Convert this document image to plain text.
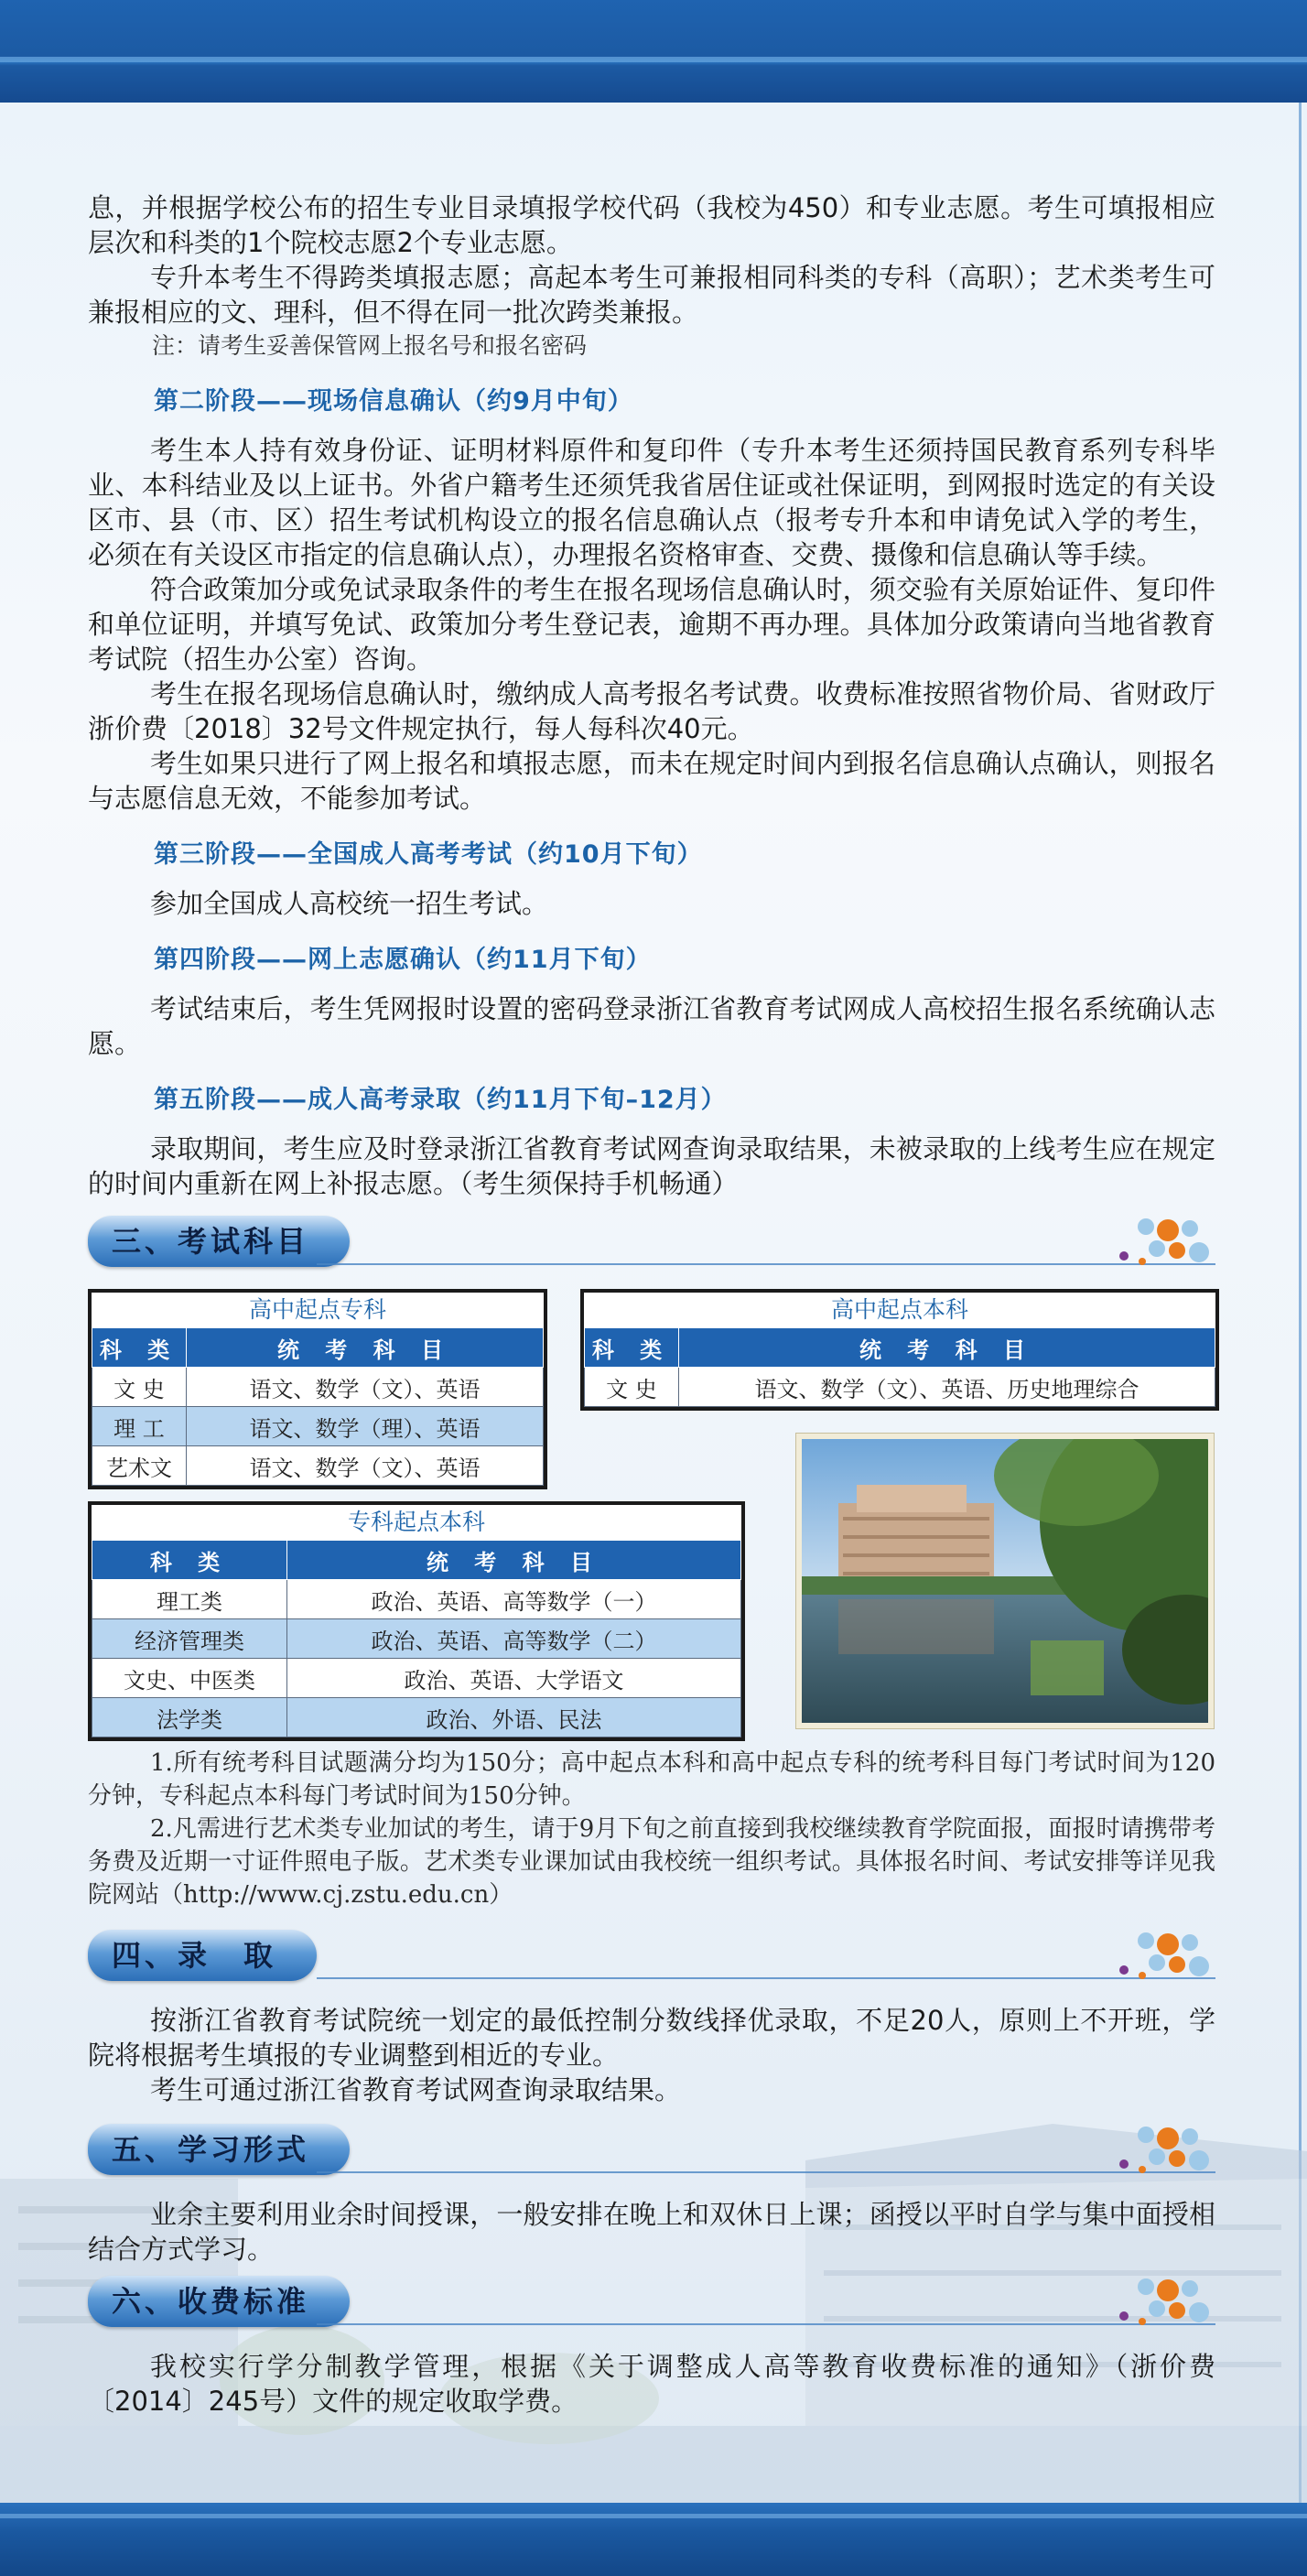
息，并根据学校公布的招生专业目录填报学校代码（我校为450）和专业志愿。考生可填报相应层次和科类的1个院校志愿2个专业志愿。

专升本考生不得跨类填报志愿；高起本考生可兼报相同科类的专科（高职）；艺术类考生可兼报相应的文、理科，但不得在同一批次跨类兼报。

注：请考生妥善保管网上报名号和报名密码

第二阶段——现场信息确认（约9月中旬）

考生本人持有效身份证、证明材料原件和复印件（专升本考生还须持国民教育系列专科毕业、本科结业及以上证书。外省户籍考生还须凭我省居住证或社保证明，到网报时选定的有关设区市、县（市、区）招生考试机构设立的报名信息确认点（报考专升本和申请免试入学的考生，必须在有关设区市指定的信息确认点），办理报名资格审查、交费、摄像和信息确认等手续。

符合政策加分或免试录取条件的考生在报名现场信息确认时，须交验有关原始证件、复印件和单位证明，并填写免试、政策加分考生登记表，逾期不再办理。具体加分政策请向当地省教育考试院（招生办公室）咨询。

考生在报名现场信息确认时，缴纳成人高考报名考试费。收费标准按照省物价局、省财政厅浙价费〔2018〕32号文件规定执行，每人每科次40元。

考生如果只进行了网上报名和填报志愿，而未在规定时间内到报名信息确认点确认，则报名与志愿信息无效，不能参加考试。

第三阶段——全国成人高考考试（约10月下旬）

参加全国成人高校统一招生考试。

第四阶段——网上志愿确认（约11月下旬）

考试结束后，考生凭网报时设置的密码登录浙江省教育考试网成人高校招生报名系统确认志愿。

第五阶段——成人高考录取（约11月下旬–12月）

录取期间，考生应及时登录浙江省教育考试网查询录取结果，未被录取的上线考生应在规定的时间内重新在网上补报志愿。（考生须保持手机畅通）

三、考试科目
高中起点专科
科 类	统 考 科 目
文 史	语文、数学（文）、英语
理 工	语文、数学（理）、英语
艺术文	语文、数学（文）、英语
高中起点本科
科 类	统 考 科 目
文 史	语文、数学（文）、英语、历史地理综合
专科起点本科
科 类	统 考 科 目
理工类	政治、英语、高等数学（一）
经济管理类	政治、英语、高等数学（二）
文史、中医类	政治、英语、大学语文
法学类	政治、外语、民法

1.所有统考科目试题满分均为150分；高中起点本科和高中起点专科的统考科目每门考试时间为120分钟，专科起点本科每门考试时间为150分钟。

2.凡需进行艺术类专业加试的考生，请于9月下旬之前直接到我校继续教育学院面报，面报时请携带考务费及近期一寸证件照电子版。艺术类专业课加试由我校统一组织考试。具体报名时间、考试安排等详见我院网站（http://www.cj.zstu.edu.cn）

四、录　取

按浙江省教育考试院统一划定的最低控制分数线择优录取，不足20人，原则上不开班，学院将根据考生填报的专业调整到相近的专业。

考生可通过浙江省教育考试网查询录取结果。

五、学习形式

业余主要利用业余时间授课，一般安排在晚上和双休日上课；函授以平时自学与集中面授相结合方式学习。

六、收费标准

我校实行学分制教学管理，根据《关于调整成人高等教育收费标准的通知》（浙价费〔2014〕245号）文件的规定收取学费。
